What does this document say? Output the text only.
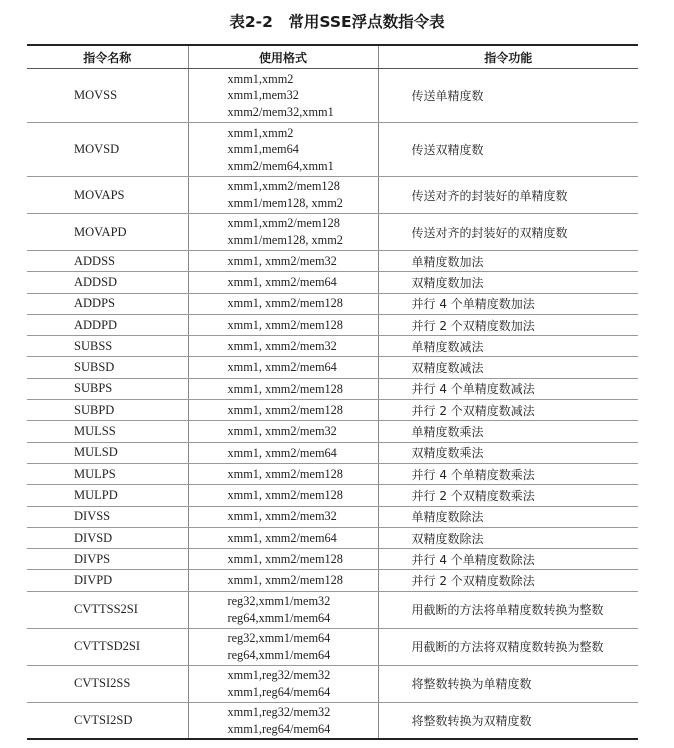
表2-2　常用SSE浮点数指令表
指令名称	使用格式	指令功能
MOVSS	xmm1,xmm2
xmm1,mem32
xmm2/mem32,xmm1	传送单精度数
MOVSD	xmm1,xmm2
xmm1,mem64
xmm2/mem64,xmm1	传送双精度数
MOVAPS	xmm1,xmm2/mem128
xmm1/mem128, xmm2	传送对齐的封装好的单精度数
MOVAPD	xmm1,xmm2/mem128
xmm1/mem128, xmm2	传送对齐的封装好的双精度数
ADDSS	xmm1, xmm2/mem32	单精度数加法
ADDSD	xmm1, xmm2/mem64	双精度数加法
ADDPS	xmm1, xmm2/mem128	并行 4 个单精度数加法
ADDPD	xmm1, xmm2/mem128	并行 2 个双精度数加法
SUBSS	xmm1, xmm2/mem32	单精度数减法
SUBSD	xmm1, xmm2/mem64	双精度数减法
SUBPS	xmm1, xmm2/mem128	并行 4 个单精度数减法
SUBPD	xmm1, xmm2/mem128	并行 2 个双精度数减法
MULSS	xmm1, xmm2/mem32	单精度数乘法
MULSD	xmm1, xmm2/mem64	双精度数乘法
MULPS	xmm1, xmm2/mem128	并行 4 个单精度数乘法
MULPD	xmm1, xmm2/mem128	并行 2 个双精度数乘法
DIVSS	xmm1, xmm2/mem32	单精度数除法
DIVSD	xmm1, xmm2/mem64	双精度数除法
DIVPS	xmm1, xmm2/mem128	并行 4 个单精度数除法
DIVPD	xmm1, xmm2/mem128	并行 2 个双精度数除法
CVTTSS2SI	reg32,xmm1/mem32
reg64,xmm1/mem64	用截断的方法将单精度数转换为整数
CVTTSD2SI	reg32,xmm1/mem64
reg64,xmm1/mem64	用截断的方法将双精度数转换为整数
CVTSI2SS	xmm1,reg32/mem32
xmm1,reg64/mem64	将整数转换为单精度数
CVTSI2SD	xmm1,reg32/mem32
xmm1,reg64/mem64	将整数转换为双精度数
